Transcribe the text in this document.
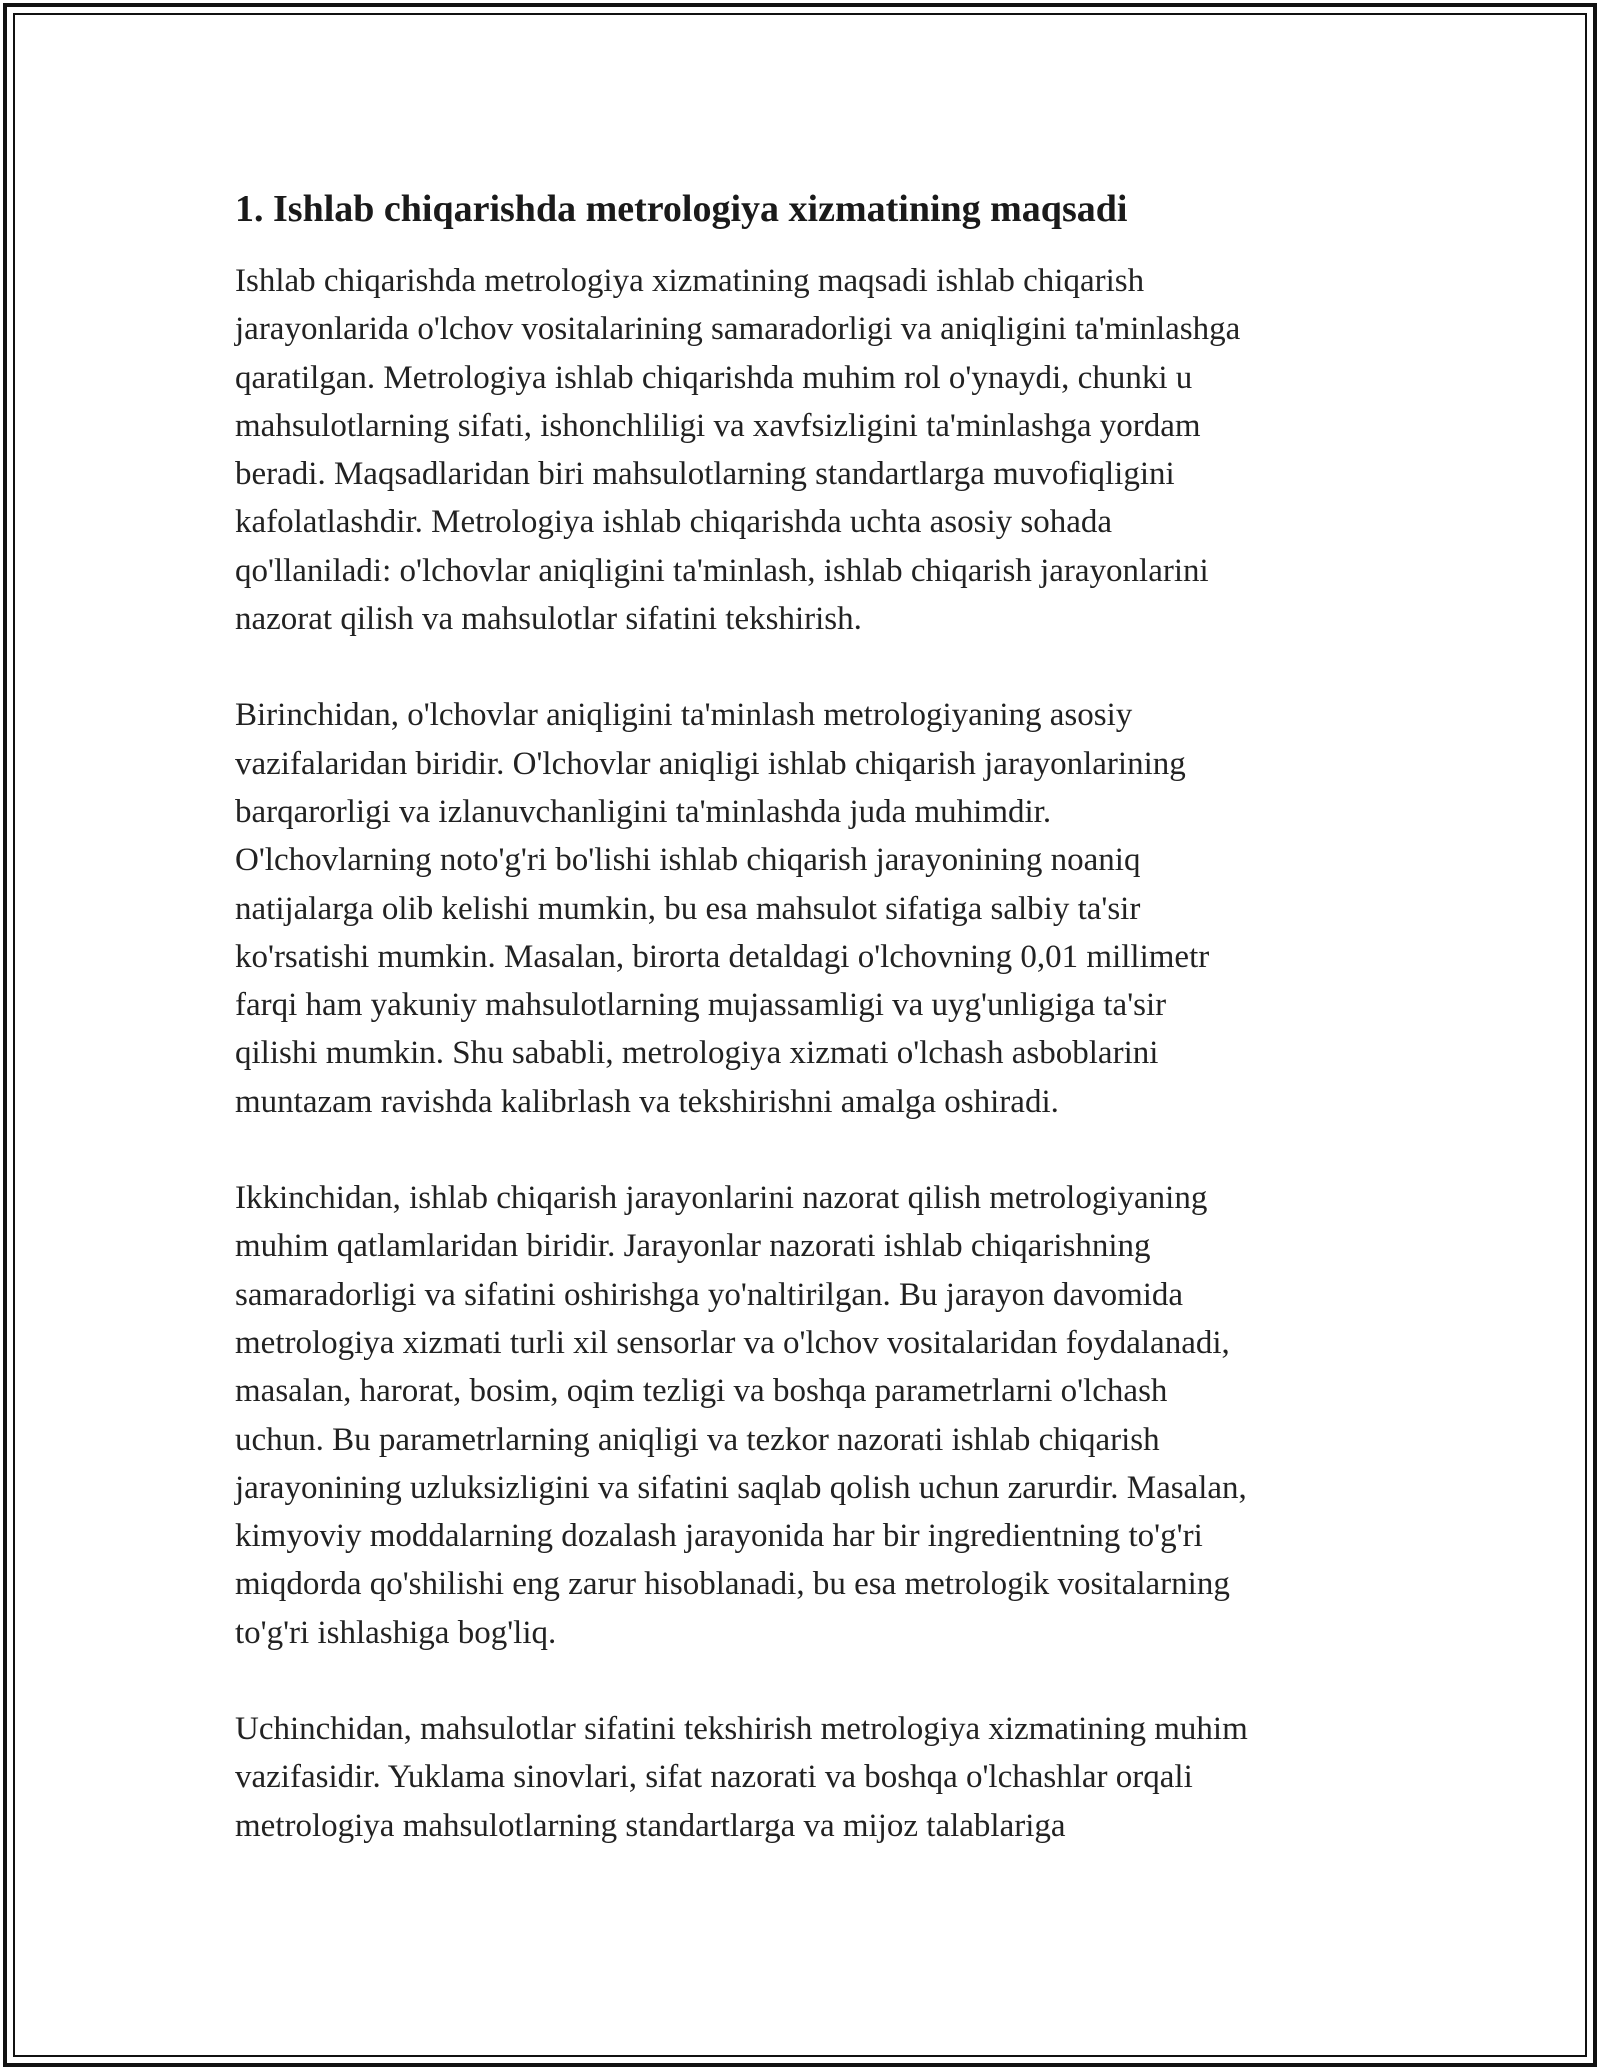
1. Ishlab chiqarishda metrologiya xizmatining maqsadi

Ishlab chiqarishda metrologiya xizmatining maqsadi ishlab chiqarish
jarayonlarida o'lchov vositalarining samaradorligi va aniqligini ta'minlashga
qaratilgan. Metrologiya ishlab chiqarishda muhim rol o'ynaydi, chunki u
mahsulotlarning sifati, ishonchliligi va xavfsizligini ta'minlashga yordam
beradi. Maqsadlaridan biri mahsulotlarning standartlarga muvofiqligini
kafolatlashdir. Metrologiya ishlab chiqarishda uchta asosiy sohada
qo'llaniladi: o'lchovlar aniqligini ta'minlash, ishlab chiqarish jarayonlarini
nazorat qilish va mahsulotlar sifatini tekshirish.

Birinchidan, o'lchovlar aniqligini ta'minlash metrologiyaning asosiy
vazifalaridan biridir. O'lchovlar aniqligi ishlab chiqarish jarayonlarining
barqarorligi va izlanuvchanligini ta'minlashda juda muhimdir.
O'lchovlarning noto'g'ri bo'lishi ishlab chiqarish jarayonining noaniq
natijalarga olib kelishi mumkin, bu esa mahsulot sifatiga salbiy ta'sir
ko'rsatishi mumkin. Masalan, birorta detaldagi o'lchovning 0,01 millimetr
farqi ham yakuniy mahsulotlarning mujassamligi va uyg'unligiga ta'sir
qilishi mumkin. Shu sababli, metrologiya xizmati o'lchash asboblarini
muntazam ravishda kalibrlash va tekshirishni amalga oshiradi.

Ikkinchidan, ishlab chiqarish jarayonlarini nazorat qilish metrologiyaning
muhim qatlamlaridan biridir. Jarayonlar nazorati ishlab chiqarishning
samaradorligi va sifatini oshirishga yo'naltirilgan. Bu jarayon davomida
metrologiya xizmati turli xil sensorlar va o'lchov vositalaridan foydalanadi,
masalan, harorat, bosim, oqim tezligi va boshqa parametrlarni o'lchash
uchun. Bu parametrlarning aniqligi va tezkor nazorati ishlab chiqarish
jarayonining uzluksizligini va sifatini saqlab qolish uchun zarurdir. Masalan,
kimyoviy moddalarning dozalash jarayonida har bir ingredientning to'g'ri
miqdorda qo'shilishi eng zarur hisoblanadi, bu esa metrologik vositalarning
to'g'ri ishlashiga bog'liq.

Uchinchidan, mahsulotlar sifatini tekshirish metrologiya xizmatining muhim
vazifasidir. Yuklama sinovlari, sifat nazorati va boshqa o'lchashlar orqali
metrologiya mahsulotlarning standartlarga va mijoz talablariga
